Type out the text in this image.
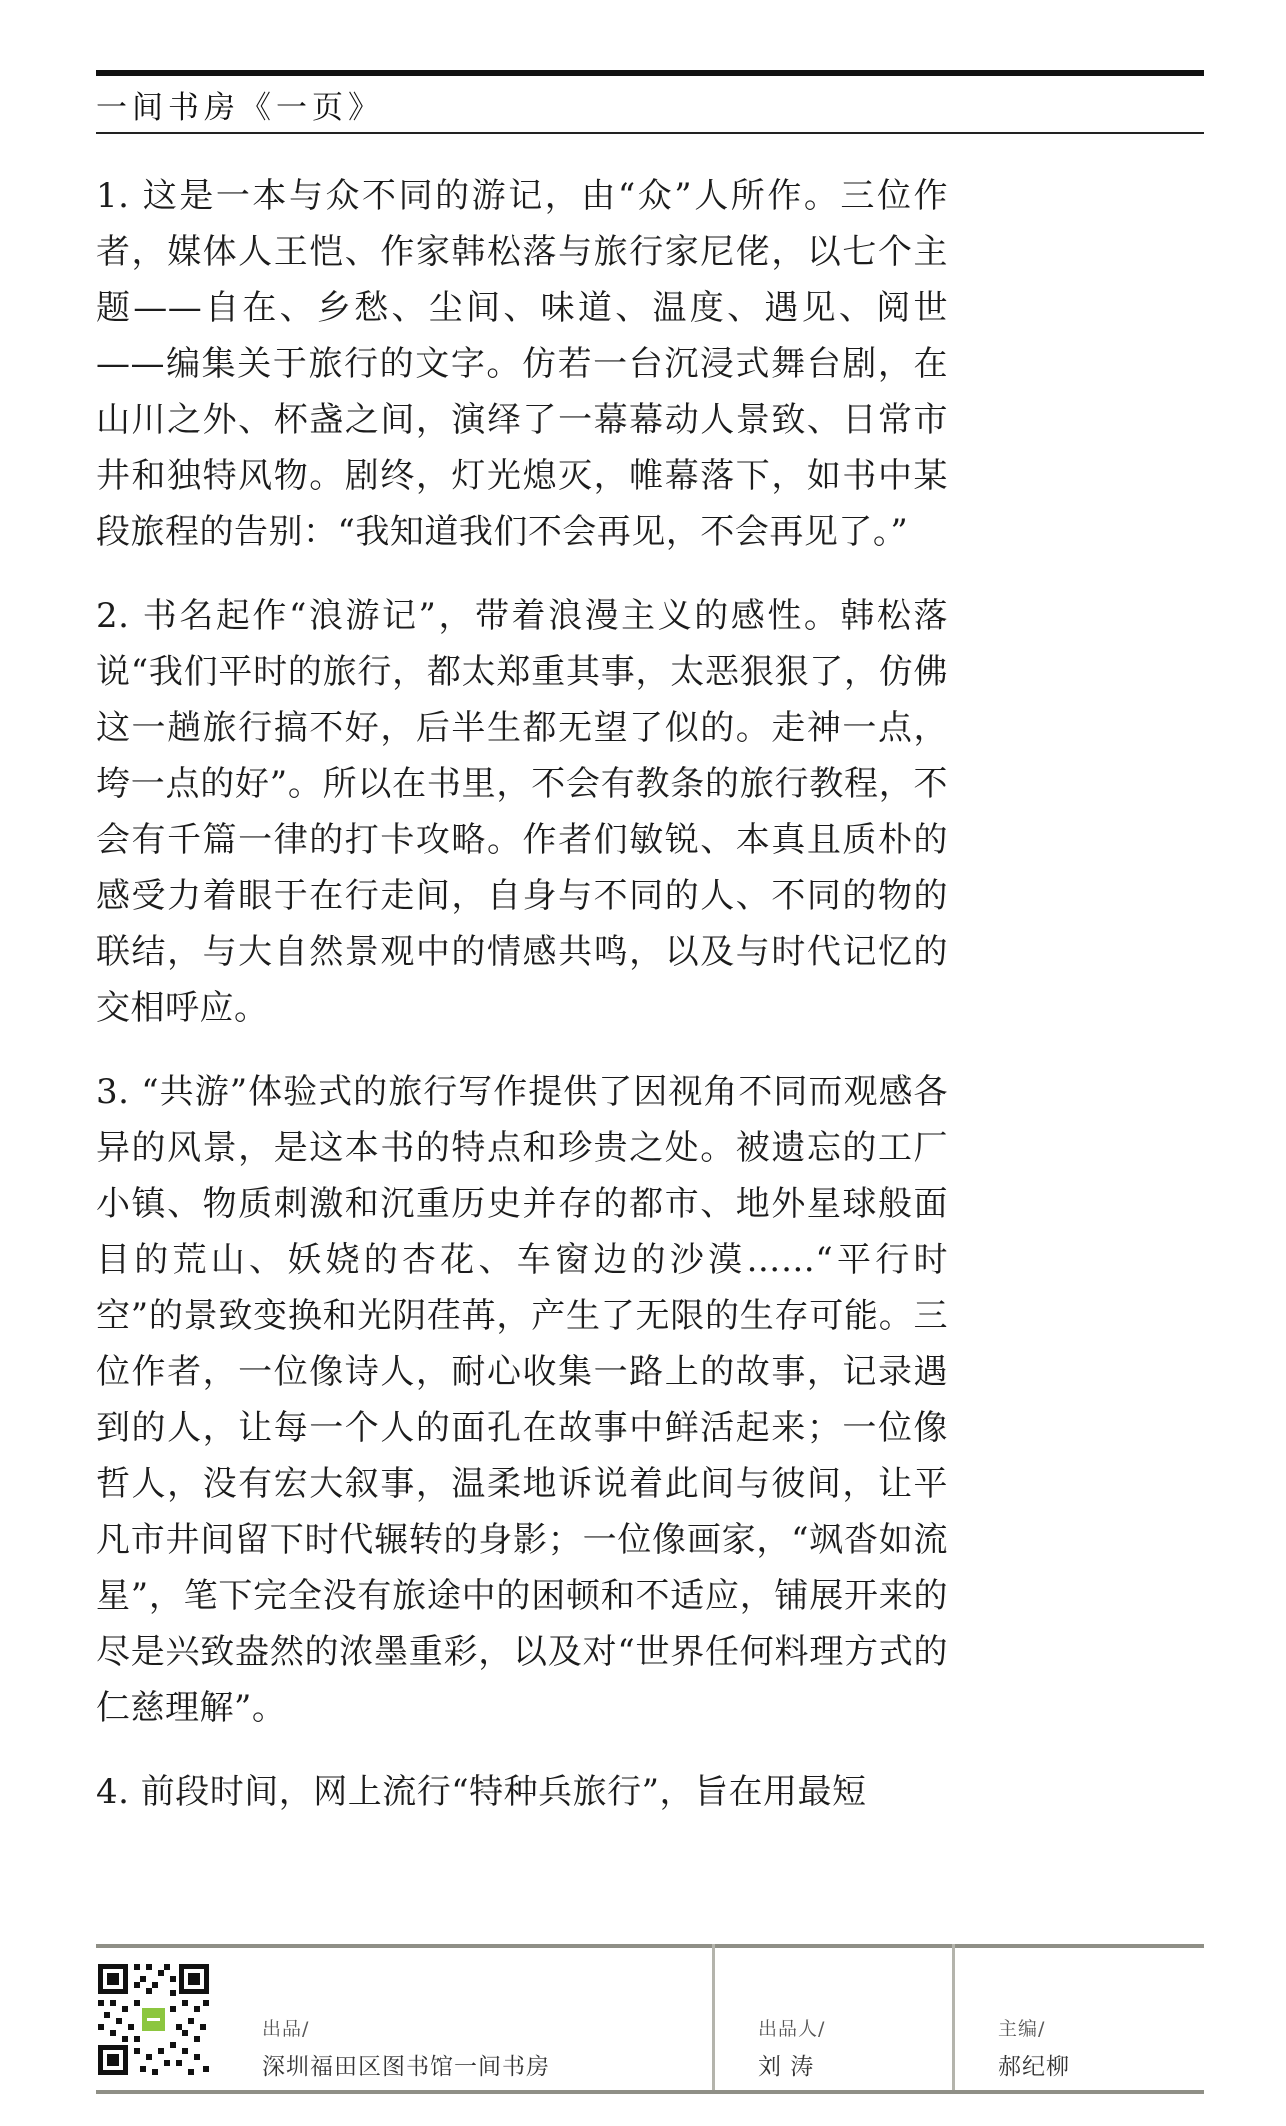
一间书房《一页》

1. 这是一本与众不同的游记，由“众”人所作。三位作者，媒体人王恺、作家韩松落与旅行家尼佬，以七个主题——自在、乡愁、尘间、味道、温度、遇见、阅世——编集关于旅行的文字。仿若一台沉浸式舞台剧，在山川之外、杯盏之间，演绎了一幕幕动人景致、日常市井和独特风物。剧终，灯光熄灭，帷幕落下，如书中某段旅程的告别：“我知道我们不会再见，不会再见了。”

2. 书名起作“浪游记”，带着浪漫主义的感性。韩松落说“我们平时的旅行，都太郑重其事，太恶狠狠了，仿佛这一趟旅行搞不好，后半生都无望了似的。走神一点，垮一点的好”。所以在书里，不会有教条的旅行教程，不会有千篇一律的打卡攻略。作者们敏锐、本真且质朴的感受力着眼于在行走间，自身与不同的人、不同的物的联结，与大自然景观中的情感共鸣，以及与时代记忆的交相呼应。

3. “共游”体验式的旅行写作提供了因视角不同而观感各异的风景，是这本书的特点和珍贵之处。被遗忘的工厂小镇、物质刺激和沉重历史并存的都市、地外星球般面目的荒山、妖娆的杏花、车窗边的沙漠……“平行时空”的景致变换和光阴荏苒，产生了无限的生存可能。三位作者，一位像诗人，耐心收集一路上的故事，记录遇到的人，让每一个人的面孔在故事中鲜活起来；一位像哲人，没有宏大叙事，温柔地诉说着此间与彼间，让平凡市井间留下时代辗转的身影；一位像画家，“飒沓如流星”，笔下完全没有旅途中的困顿和不适应，铺展开来的尽是兴致盎然的浓墨重彩，以及对“世界任何料理方式的仁慈理解”。

4. 前段时间，网上流行“特种兵旅行”，旨在用最短

出品/
深圳福田区图书馆一间书房
出品人/
刘 涛
主编/
郝纪柳
